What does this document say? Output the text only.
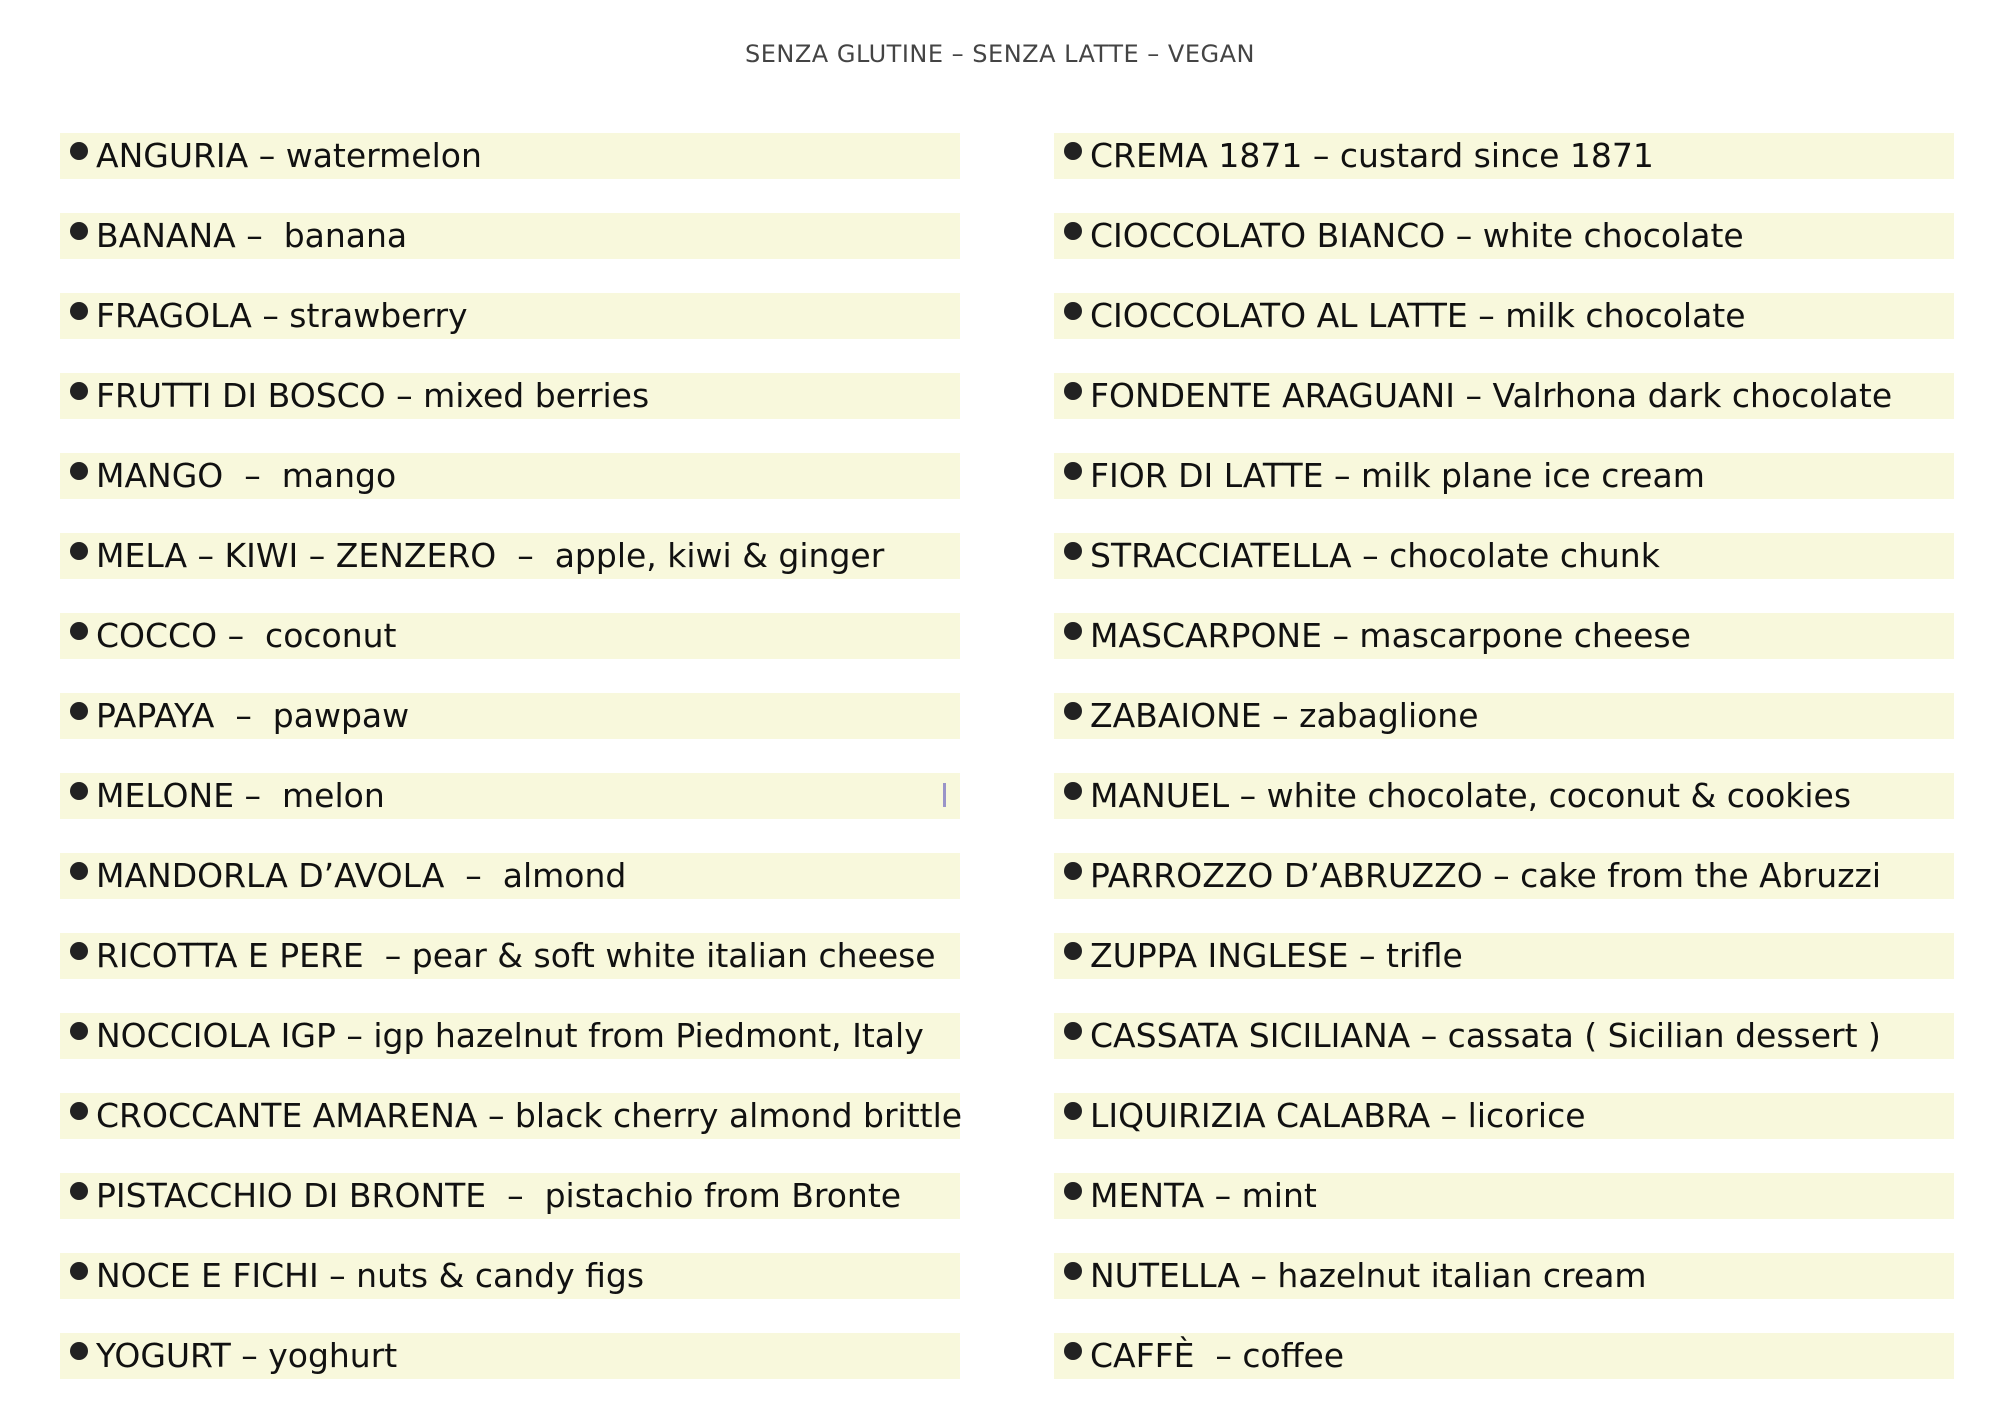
SENZA GLUTINE – SENZA LATTE – VEGAN
ANGURIA – watermelon
BANANA –  banana
FRAGOLA – strawberry
FRUTTI DI BOSCO – mixed berries
MANGO  –  mango
MELA – KIWI – ZENZERO  –  apple, kiwi & ginger
COCCO –  coconut
PAPAYA  –  pawpaw
MELONE –  melon
MANDORLA D’AVOLA  –  almond
RICOTTA E PERE  – pear & soft white italian cheese
NOCCIOLA IGP – igp hazelnut from Piedmont, Italy
CROCCANTE AMARENA – black cherry almond brittle
PISTACCHIO DI BRONTE  –  pistachio from Bronte
NOCE E FICHI – nuts & candy figs
YOGURT – yoghurt
CREMA 1871 – custard since 1871
CIOCCOLATO BIANCO – white chocolate
CIOCCOLATO AL LATTE – milk chocolate
FONDENTE ARAGUANI – Valrhona dark chocolate
FIOR DI LATTE – milk plane ice cream
STRACCIATELLA – chocolate chunk
MASCARPONE – mascarpone cheese
ZABAIONE – zabaglione
MANUEL – white chocolate, coconut & cookies
PARROZZO D’ABRUZZO – cake from the Abruzzi
ZUPPA INGLESE – trifle
CASSATA SICILIANA – cassata ( Sicilian dessert )
LIQUIRIZIA CALABRA – licorice
MENTA – mint
NUTELLA – hazelnut italian cream
CAFFÈ  – coffee
